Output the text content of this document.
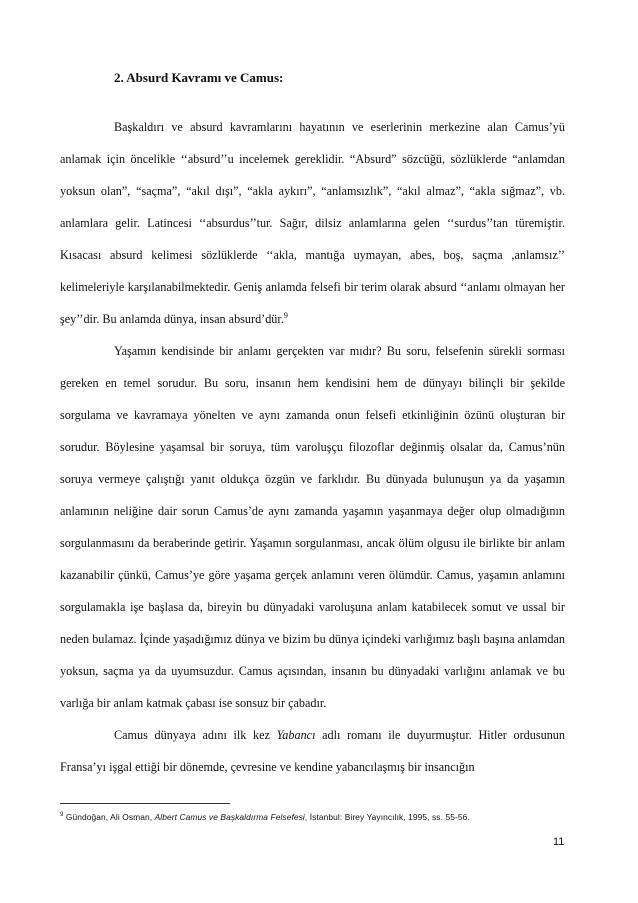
2. Absurd Kavramı ve Camus:

Başkaldırı ve absurd kavramlarını hayatının ve eserlerinin merkezine alan Camus’yü anlamak için öncelikle ‘‘absurd’’u incelemek gereklidir. “Absurd” sözcüğü, sözlüklerde “anlamdan yoksun olan”, “saçma”, “akıl dışı”, “akla aykırı”, “anlamsızlık”, “akıl almaz”, “akla sığmaz”, vb. anlamlara gelir. Latincesi ‘‘absurdus’’tur. Sağır, dilsiz anlamlarına gelen ‘‘surdus’’tan türemiştir. Kısacası absurd kelimesi sözlüklerde ‘‘akla, mantığa uymayan, abes, boş, saçma ,anlamsız’’ kelimeleriyle karşılanabilmektedir. Geniş anlamda felsefi bir terim olarak absurd ‘‘anlamı olmayan her şey’’dir. Bu anlamda dünya, insan absurd’dür.$^9$

Yaşamın kendisinde bir anlamı gerçekten var mıdır? Bu soru, felsefenin sürekli sorması gereken en temel sorudur. Bu soru, insanın hem kendisini hem de dünyayı bilinçli bir şekilde sorgulama ve kavramaya yönelten ve aynı zamanda onun felsefi etkinliğinin özünü oluşturan bir sorudur. Böylesine yaşamsal bir soruya, tüm varoluşçu filozoflar değinmiş olsalar da, Camus’nün soruya vermeye çalıştığı yanıt oldukça özgün ve farklıdır. Bu dünyada bulunuşun ya da yaşamın anlamının neliğine dair sorun Camus’de aynı zamanda yaşamın yaşanmaya değer olup olmadığının sorgulanmasını da beraberinde getirir. Yaşamın sorgulanması, ancak ölüm olgusu ile birlikte bir anlam kazanabilir çünkü, Camus’ye göre yaşama gerçek anlamını veren ölümdür. Camus, yaşamın anlamını sorgulamakla işe başlasa da, bireyin bu dünyadaki varoluşuna anlam katabilecek somut ve ussal bir neden bulamaz. İçinde yaşadığımız dünya ve bizim bu dünya içindeki varlığımız başlı başına anlamdan yoksun, saçma ya da uyumsuzdur. Camus açısından, insanın bu dünyadaki varlığını anlamak ve bu varlığa bir anlam katmak çabası ise sonsuz bir çabadır.

Camus dünyaya adını ilk kez Yabancı adlı romanı ile duyurmuştur. Hitler ordusunun Fransa’yı işgal ettiği bir dönemde, çevresine ve kendine yabancılaşmış bir insancığın

$^9$ Gündoğan, Ali Osman, Albert Camus ve Başkaldırma Felsefesi, İstanbul: Birey Yayıncılık, 1995, ss. 55-56.
11
